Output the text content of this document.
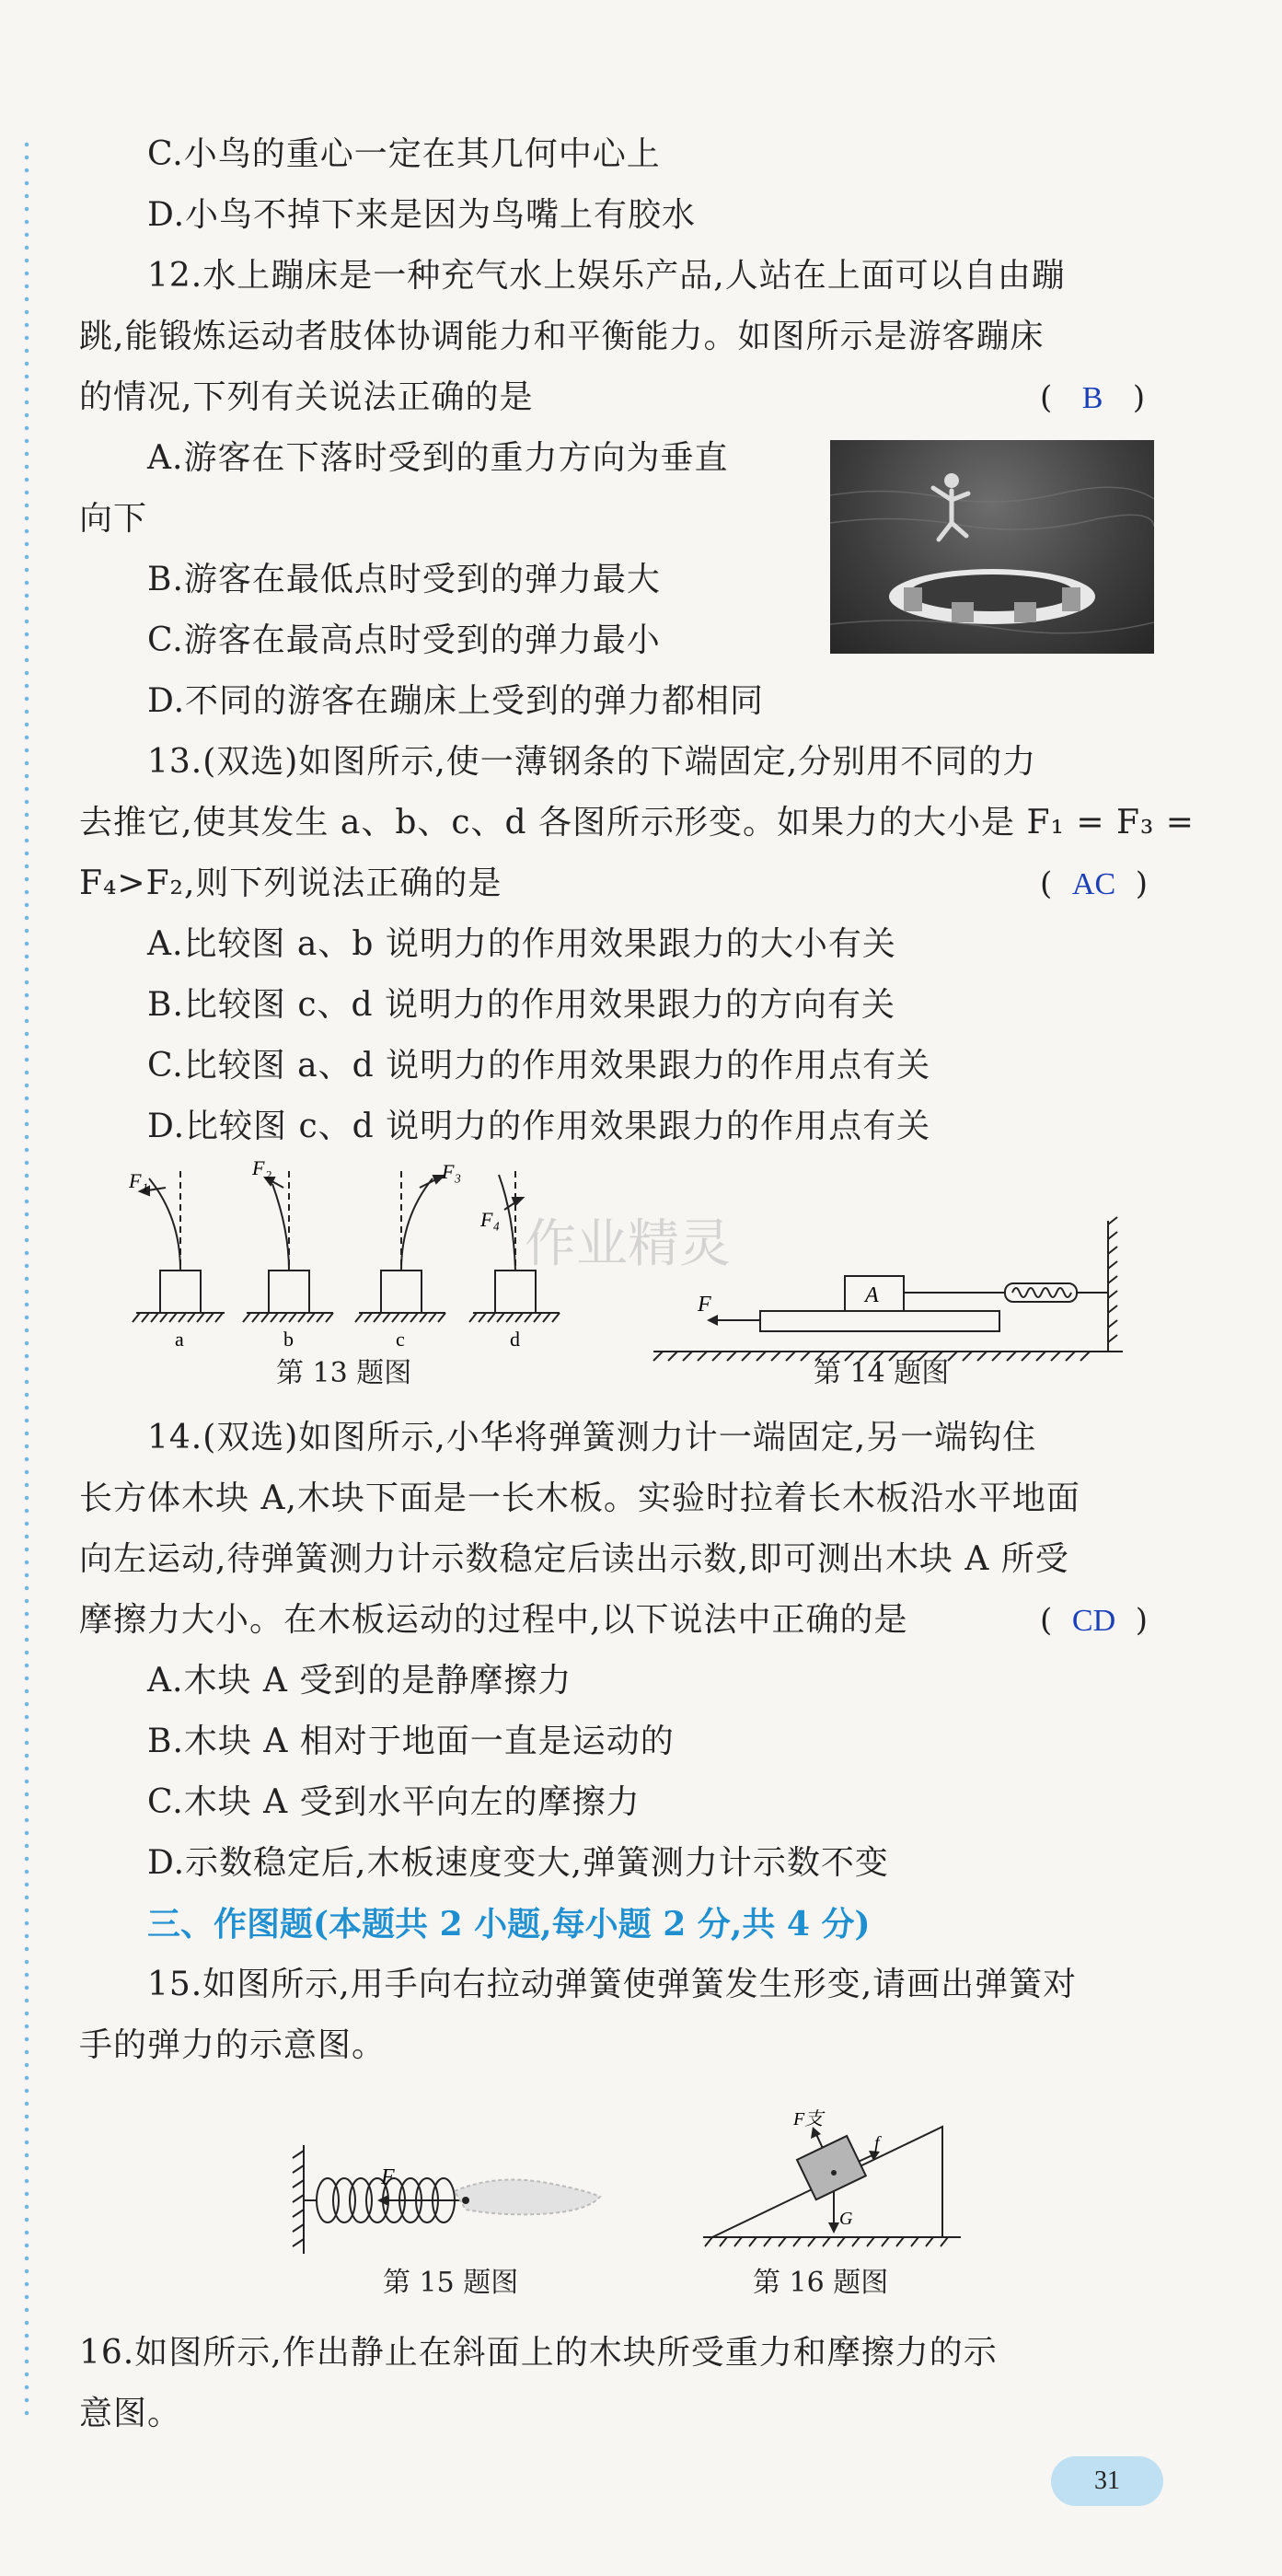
C.小鸟的重心一定在其几何中心上
D.小鸟不掉下来是因为鸟嘴上有胶水
12.水上蹦床是一种充气水上娱乐产品,人站在上面可以自由蹦
跳,能锻炼运动者肢体协调能力和平衡能力。如图所示是游客蹦床
的情况,下列有关说法正确的是	( B )
A.游客在下落时受到的重力方向为垂直
向下
B.游客在最低点时受到的弹力最大
C.游客在最高点时受到的弹力最小
D.不同的游客在蹦床上受到的弹力都相同
13.(双选)如图所示,使一薄钢条的下端固定,分别用不同的力
去推它,使其发生 a、b、c、d 各图所示形变。如果力的大小是 F₁ = F₃ =
F₄>F₂,则下列说法正确的是	( AC )
A.比较图 a、b 说明力的作用效果跟力的大小有关
B.比较图 c、d 说明力的作用效果跟力的方向有关
C.比较图 a、d 说明力的作用效果跟力的作用点有关
D.比较图 c、d 说明力的作用效果跟力的作用点有关
F₁
F₂	F₃
F₄
a	b	c	d
第 13 题图
作业精灵
F	A
第 14 题图
14.(双选)如图所示,小华将弹簧测力计一端固定,另一端钩住
长方体木块 A,木块下面是一长木板。实验时拉着长木板沿水平地面
向左运动,待弹簧测力计示数稳定后读出示数,即可测出木块 A 所受
摩擦力大小。在木板运动的过程中,以下说法中正确的是	( CD )
A.木块 A 受到的是静摩擦力
B.木块 A 相对于地面一直是运动的
C.木块 A 受到水平向左的摩擦力
D.示数稳定后,木板速度变大,弹簧测力计示数不变
三、作图题(本题共 2 小题,每小题 2 分,共 4 分)
15.如图所示,用手向右拉动弹簧使弹簧发生形变,请画出弹簧对
手的弹力的示意图。
F
第 15 题图
F支
f
G
第 16 题图
16.如图所示,作出静止在斜面上的木块所受重力和摩擦力的示
意图。
31
